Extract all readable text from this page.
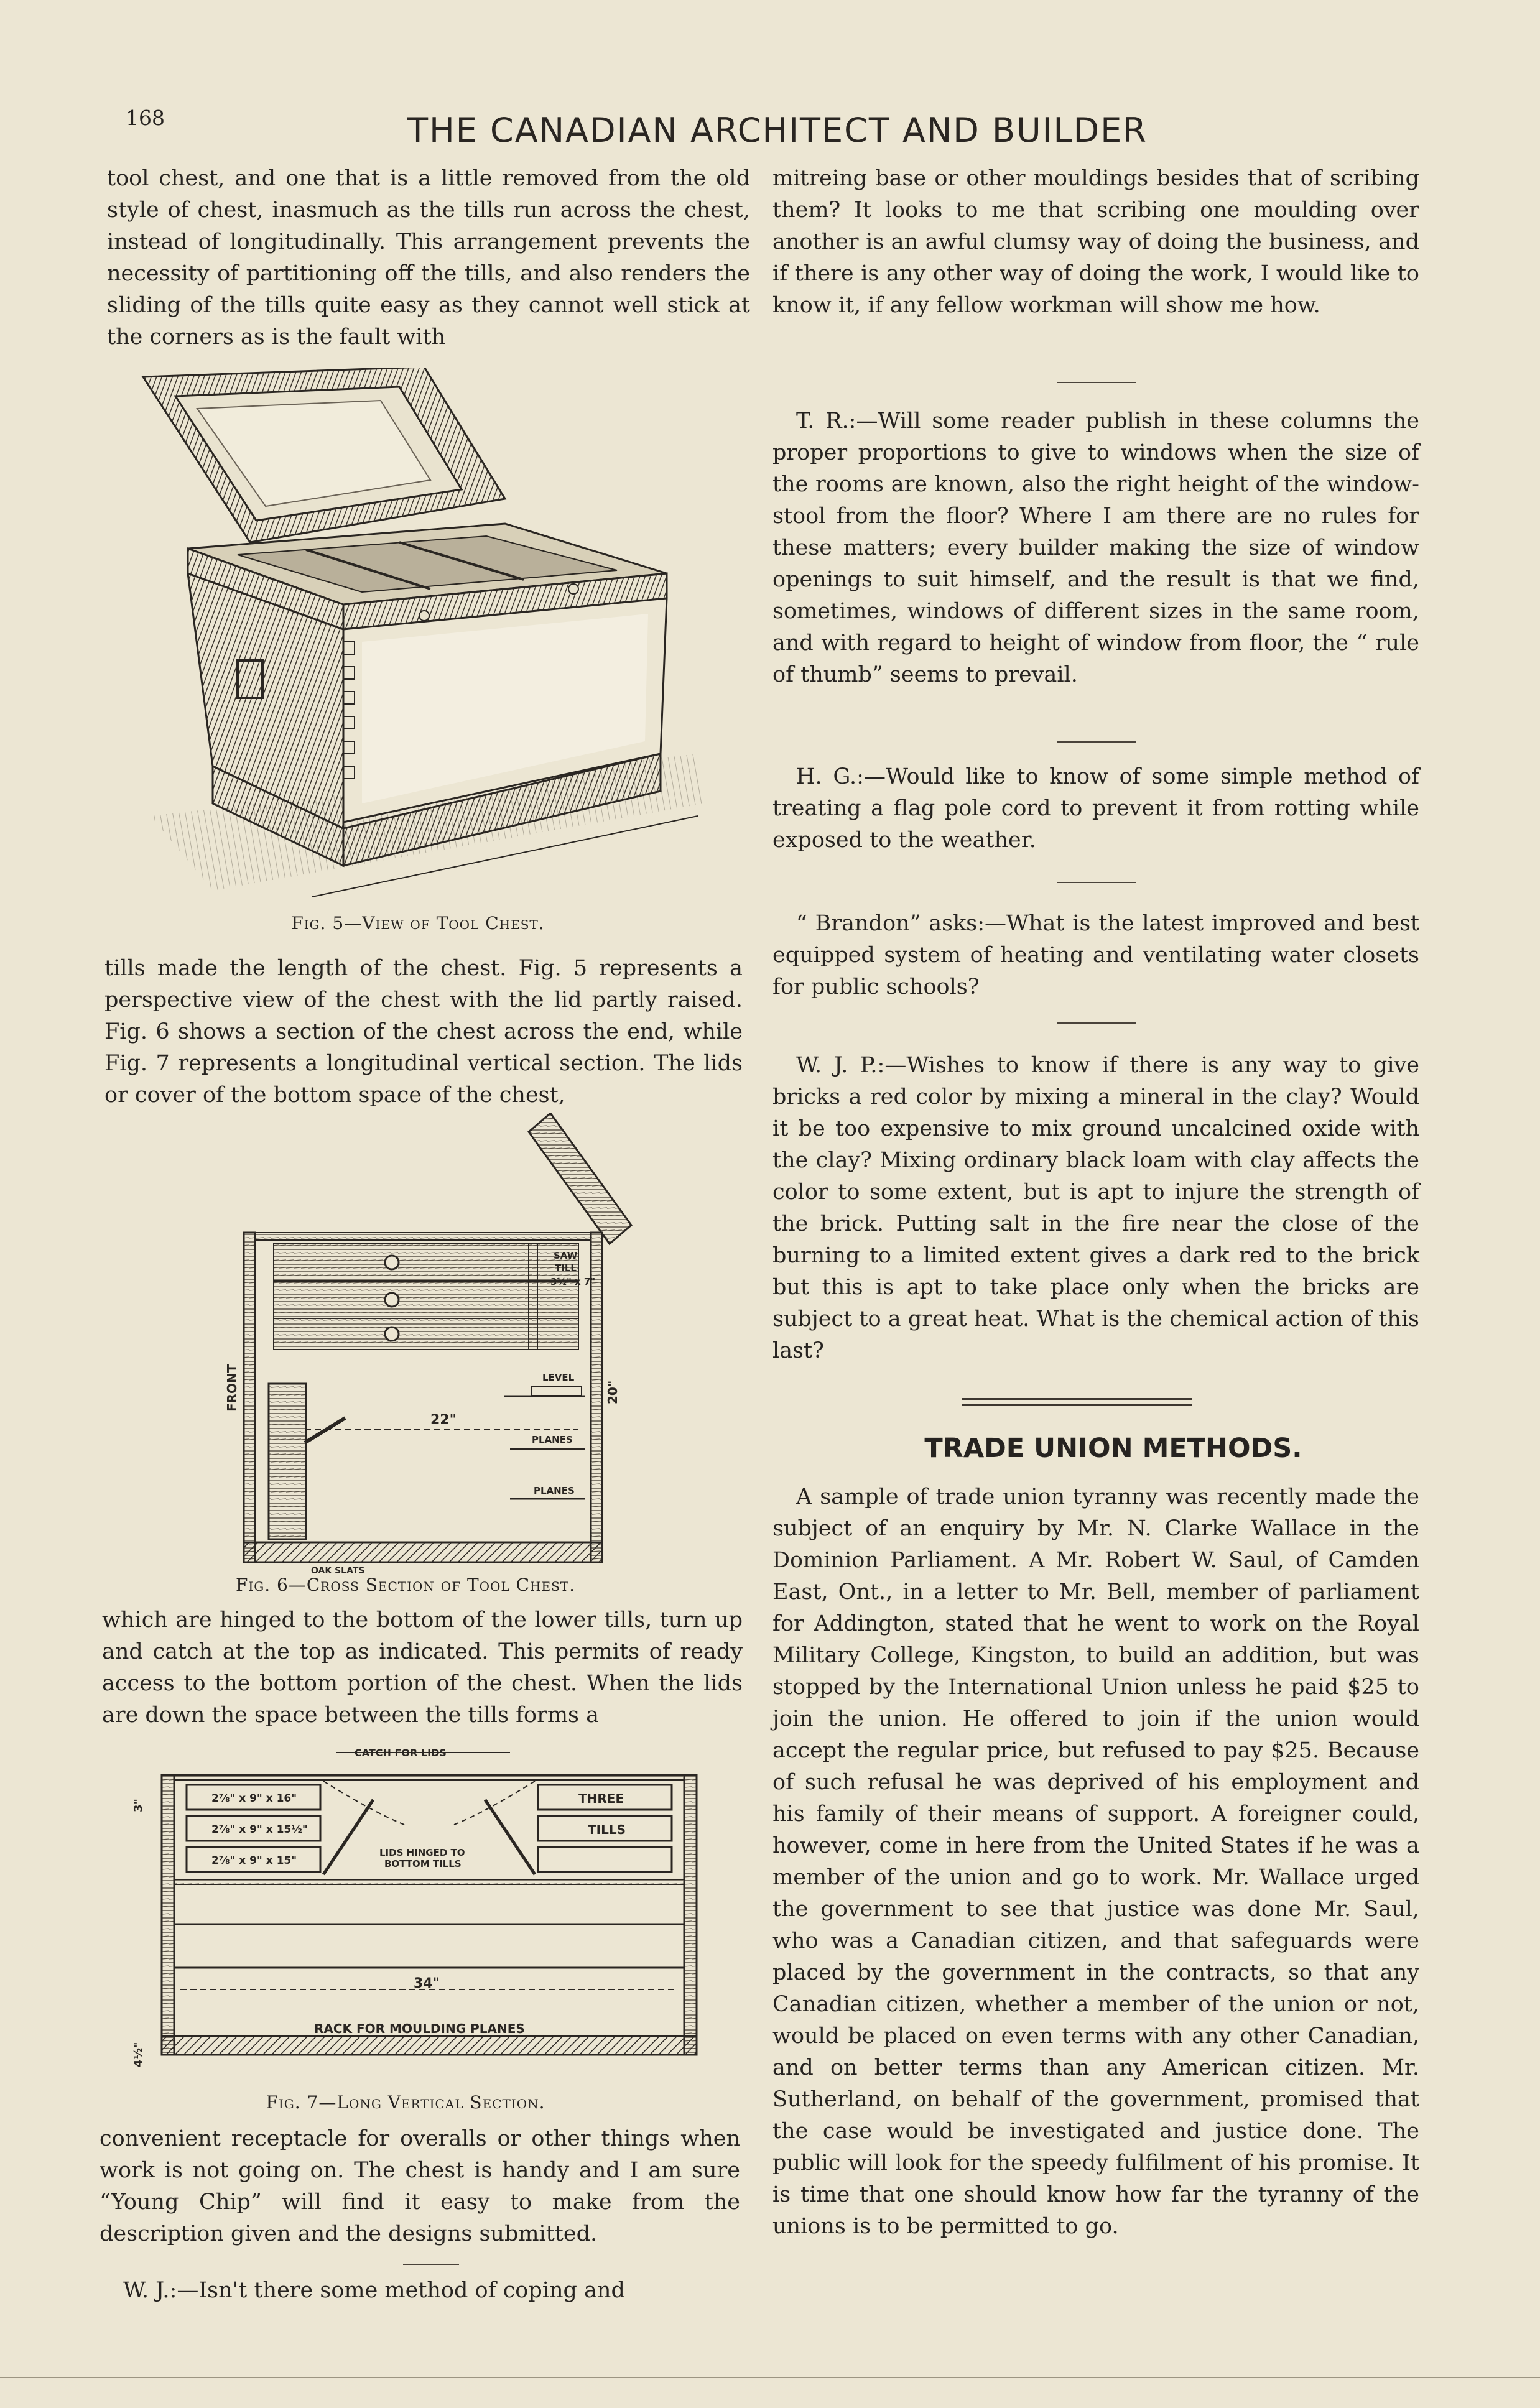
168	THE CANADIAN ARCHITECT AND BUILDER

tool chest, and one that is a little removed from the old style of chest, inasmuch as the tills run across the chest, instead of longitudinally. This arrangement prevents the necessity of partitioning off the tills, and also renders the sliding of the tills quite easy as they cannot well stick at the corners as is the fault with

Fig. 5—View of Tool Chest.

tills made the length of the chest. Fig. 5 represents a perspective view of the chest with the lid partly raised. Fig. 6 shows a section of the chest across the end, while Fig. 7 represents a longitudinal vertical section. The lids or cover of the bottom space of the chest,

FRONT
SAW
TILL
3½" x 7"
LEVEL
22"
20"
PLANES
PLANES
OAK SLATS
Fig. 6—Cross Section of Tool Chest.

which are hinged to the bottom of the lower tills, turn up and catch at the top as indicated. This permits of ready access to the bottom portion of the chest. When the lids are down the space between the tills forms a

CATCH FOR LIDS
2⅞" x 9" x 16"
2⅞" x 9" x 15½"
2⅞" x 9" x 15"
LIDS HINGED TO
BOTTOM TILLS
THREE
TILLS
34"
RACK FOR MOULDING PLANES
3"
4½"
Fig. 7—Long Vertical Section.

convenient receptacle for overalls or other things when work is not going on. The chest is handy and I am sure “Young Chip” will find it easy to make from the description given and the designs submitted.

W. J.:—Isn't there some method of coping and

mitreing base or other mouldings besides that of scribing them? It looks to me that scribing one moulding over another is an awful clumsy way of doing the business, and if there is any other way of doing the work, I would like to know it, if any fellow workman will show me how.

T. R.:—Will some reader publish in these columns the proper proportions to give to windows when the size of the rooms are known, also the right height of the window-stool from the floor? Where I am there are no rules for these matters; every builder making the size of window openings to suit himself, and the result is that we find, sometimes, windows of different sizes in the same room, and with regard to height of window from floor, the “ rule of thumb” seems to prevail.

H. G.:—Would like to know of some simple method of treating a flag pole cord to prevent it from rotting while exposed to the weather.

“ Brandon” asks:—What is the latest improved and best equipped system of heating and ventilating water closets for public schools?

W. J. P.:—Wishes to know if there is any way to give bricks a red color by mixing a mineral in the clay? Would it be too expensive to mix ground uncalcined oxide with the clay? Mixing ordinary black loam with clay affects the color to some extent, but is apt to injure the strength of the brick. Putting salt in the fire near the close of the burning to a limited extent gives a dark red to the brick but this is apt to take place only when the bricks are subject to a great heat. What is the chemical action of this last?

TRADE UNION METHODS.

A sample of trade union tyranny was recently made the subject of an enquiry by Mr. N. Clarke Wallace in the Dominion Parliament. A Mr. Robert W. Saul, of Camden East, Ont., in a letter to Mr. Bell, member of parliament for Addington, stated that he went to work on the Royal Military College, Kingston, to build an addition, but was stopped by the International Union unless he paid $25 to join the union. He offered to join if the union would accept the regular price, but refused to pay $25. Because of such refusal he was deprived of his employment and his family of their means of support. A foreigner could, however, come in here from the United States if he was a member of the union and go to work. Mr. Wallace urged the government to see that justice was done Mr. Saul, who was a Canadian citizen, and that safeguards were placed by the government in the contracts, so that any Canadian citizen, whether a member of the union or not, would be placed on even terms with any other Canadian, and on better terms than any American citizen. Mr. Sutherland, on behalf of the government, promised that the case would be investigated and justice done. The public will look for the speedy fulfilment of his promise. It is time that one should know how far the tyranny of the unions is to be permitted to go.
